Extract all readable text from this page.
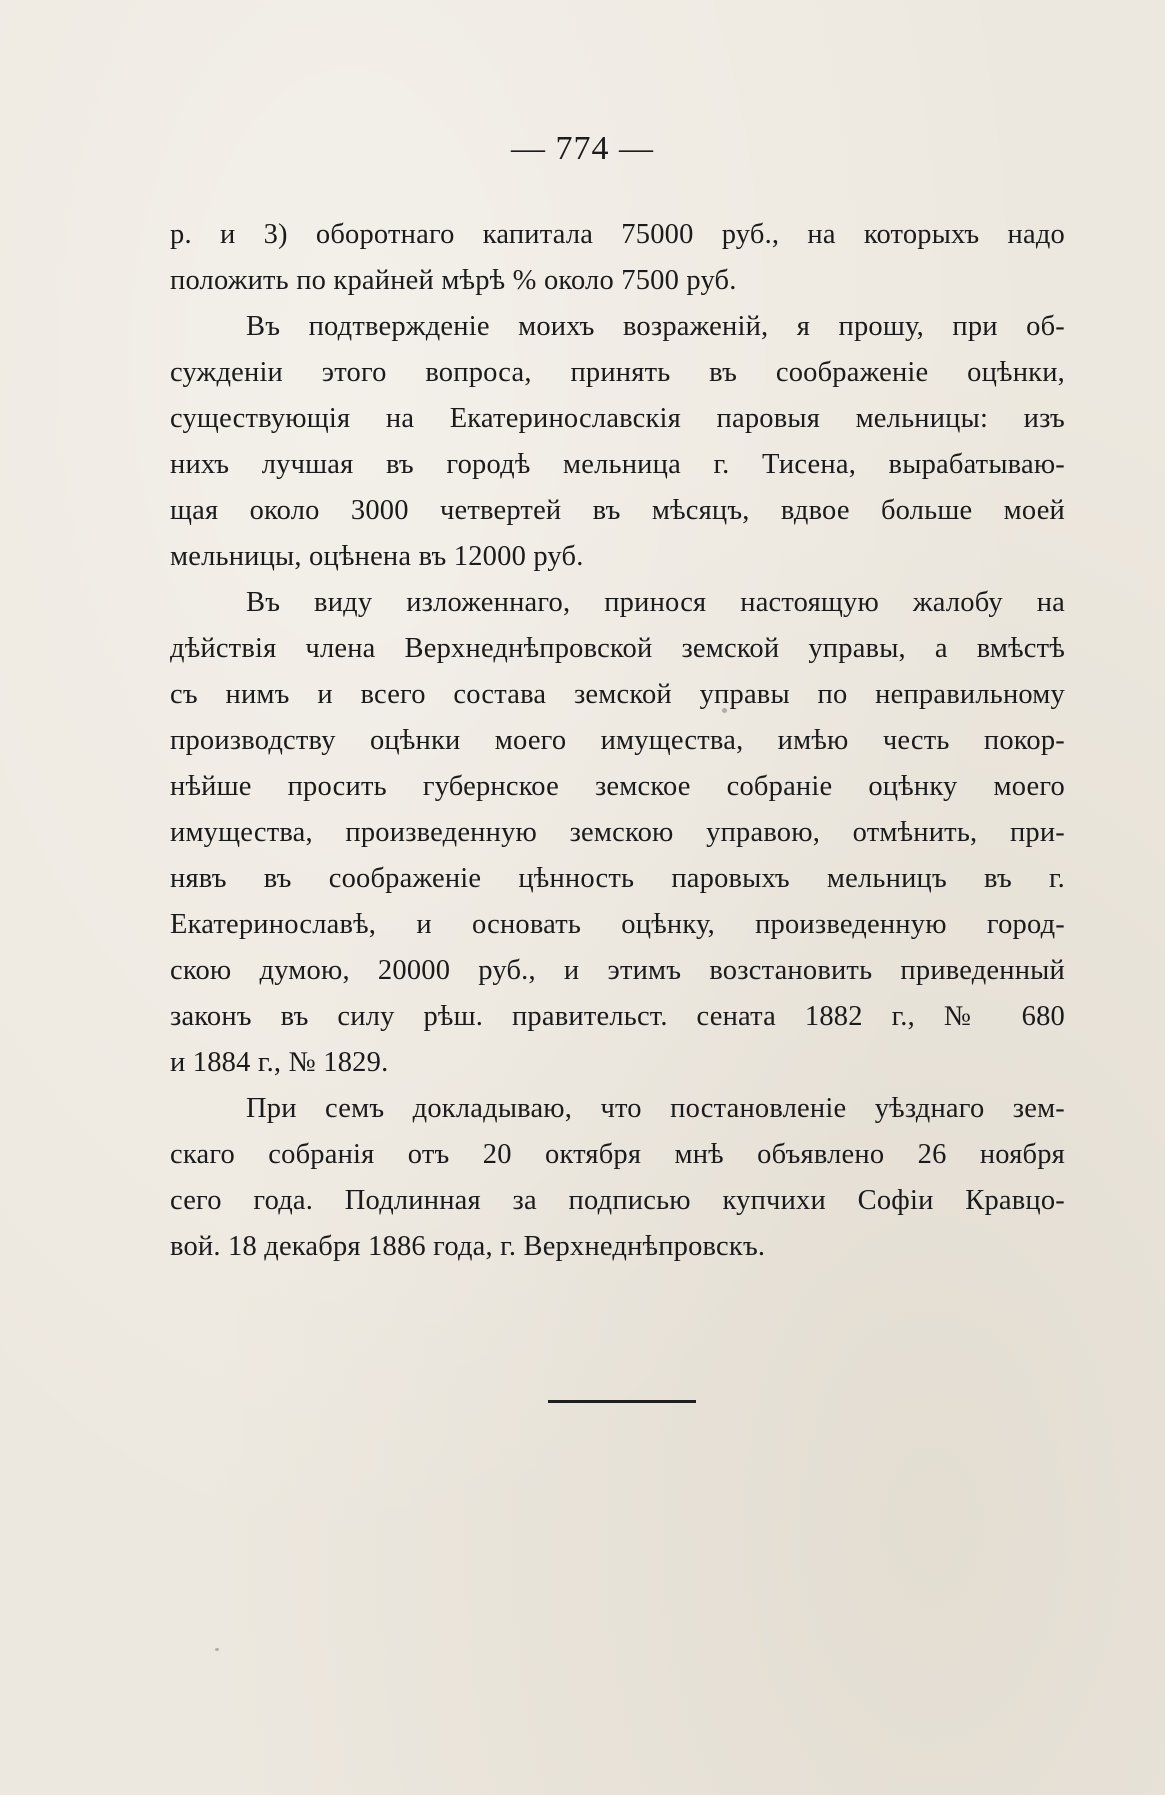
— 774 —
р. и 3) оборотнаго капитала 75000 руб., на которыхъ надо
положить по крайней мѣрѣ % около 7500 руб.
Въ подтвержденіе моихъ возраженій, я прошу, при об-
сужденіи этого вопроса, принять въ соображеніе оцѣнки,
существующія на Екатеринославскія паровыя мельницы: изъ
нихъ лучшая въ городѣ мельница г. Тисена, вырабатываю-
щая около 3000 четвертей въ мѣсяцъ, вдвое больше моей
мельницы, оцѣнена въ 12000 руб.
Въ виду изложеннаго, принося настоящую жалобу на
дѣйствія члена Верхнеднѣпровской земской управы, а вмѣстѣ
съ нимъ и всего состава земской управы по неправильному
производству оцѣнки моего имущества, имѣю честь покор-
нѣйше просить губернское земское собраніе оцѣнку моего
имущества, произведенную земскою управою, отмѣнить, при-
нявъ въ соображеніе цѣнность паровыхъ мельницъ въ г.
Екатеринославѣ, и основать оцѣнку, произведенную город-
скою думою, 20000 руб., и этимъ возстановить приведенный
законъ въ силу рѣш. правительст. сената 1882 г., № 680
и 1884 г., № 1829.
При семъ докладываю, что постановленіе уѣзднаго зем-
скаго собранія отъ 20 октября мнѣ объявлено 26 ноября
сего года. Подлинная за подписью купчихи Софіи Кравцо-
вой. 18 декабря 1886 года, г. Верхнеднѣпровскъ.
